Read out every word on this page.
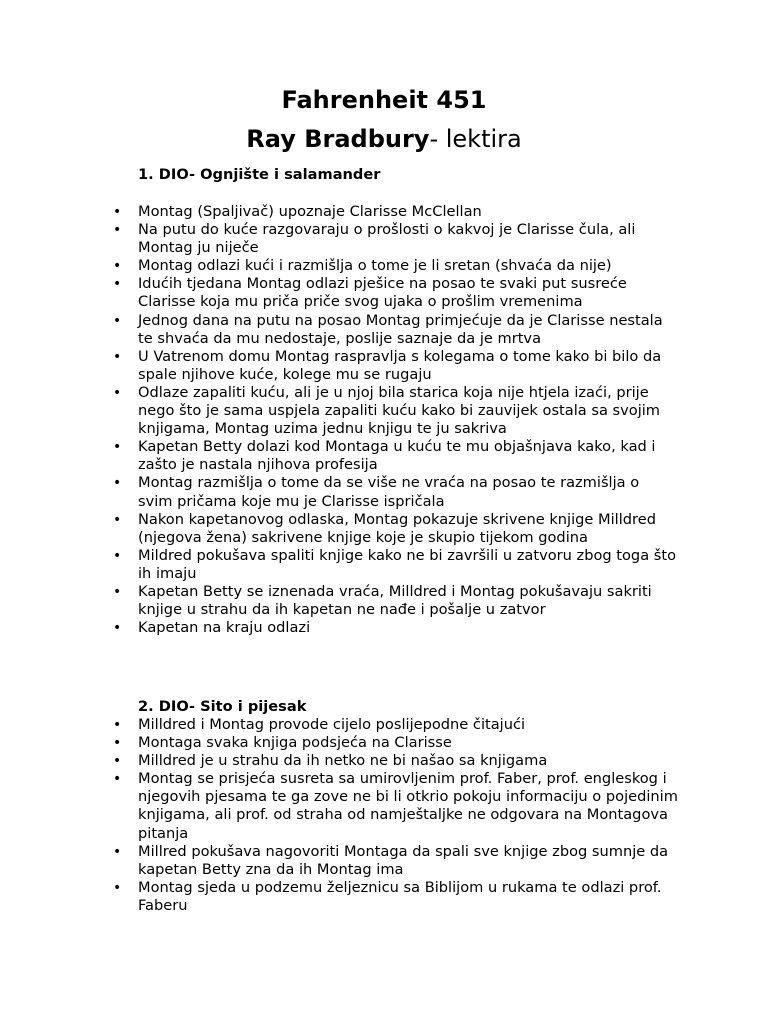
Fahrenheit 451
Ray Bradbury- lektira
1. DIO- Ognjište i salamander
• Montag (Spaljivač) upoznaje Clarisse McClellan
• Na putu do kuće razgovaraju o prošlosti o kakvoj je Clarisse čula, ali Montag ju niječe
• Montag odlazi kući i razmišlja o tome je li sretan (shvaća da nije)
• Idućih tjedana Montag odlazi pješice na posao te svaki put susreće Clarisse koja mu priča priče svog ujaka o prošlim vremenima
• Jednog dana na putu na posao Montag primjećuje da je Clarisse nestala te shvaća da mu nedostaje, poslije saznaje da je mrtva
• U Vatrenom domu Montag raspravlja s kolegama o tome kako bi bilo da spale njihove kuće, kolege mu se rugaju
• Odlaze zapaliti kuću, ali je u njoj bila starica koja nije htjela izaći, prije nego što je sama uspjela zapaliti kuću kako bi zauvijek ostala sa svojim knjigama, Montag uzima jednu knjigu te ju sakriva
• Kapetan Betty dolazi kod Montaga u kuću te mu objašnjava kako, kad i zašto je nastala njihova profesija
• Montag razmišlja o tome da se više ne vraća na posao te razmišlja o svim pričama koje mu je Clarisse ispričala
• Nakon kapetanovog odlaska, Montag pokazuje skrivene knjige Milldred (njegova žena) sakrivene knjige koje je skupio tijekom godina
• Mildred pokušava spaliti knjige kako ne bi završili u zatvoru zbog toga što ih imaju
• Kapetan Betty se iznenada vraća, Milldred i Montag pokušavaju sakriti knjige u strahu da ih kapetan ne nađe i pošalje u zatvor
• Kapetan na kraju odlazi
2. DIO- Sito i pijesak
• Milldred i Montag provode cijelo poslijepodne čitajući
• Montaga svaka knjiga podsjeća na Clarisse
• Milldred je u strahu da ih netko ne bi našao sa knjigama
• Montag se prisjeća susreta sa umirovljenim prof. Faber, prof. engleskog i njegovih pjesama te ga zove ne bi li otkrio pokoju informaciju o pojedinim knjigama, ali prof. od straha od namještaljke ne odgovara na Montagova pitanja
• Millred pokušava nagovoriti Montaga da spali sve knjige zbog sumnje da kapetan Betty zna da ih Montag ima
• Montag sjeda u podzemu željeznicu sa Biblijom u rukama te odlazi prof. Faberu
